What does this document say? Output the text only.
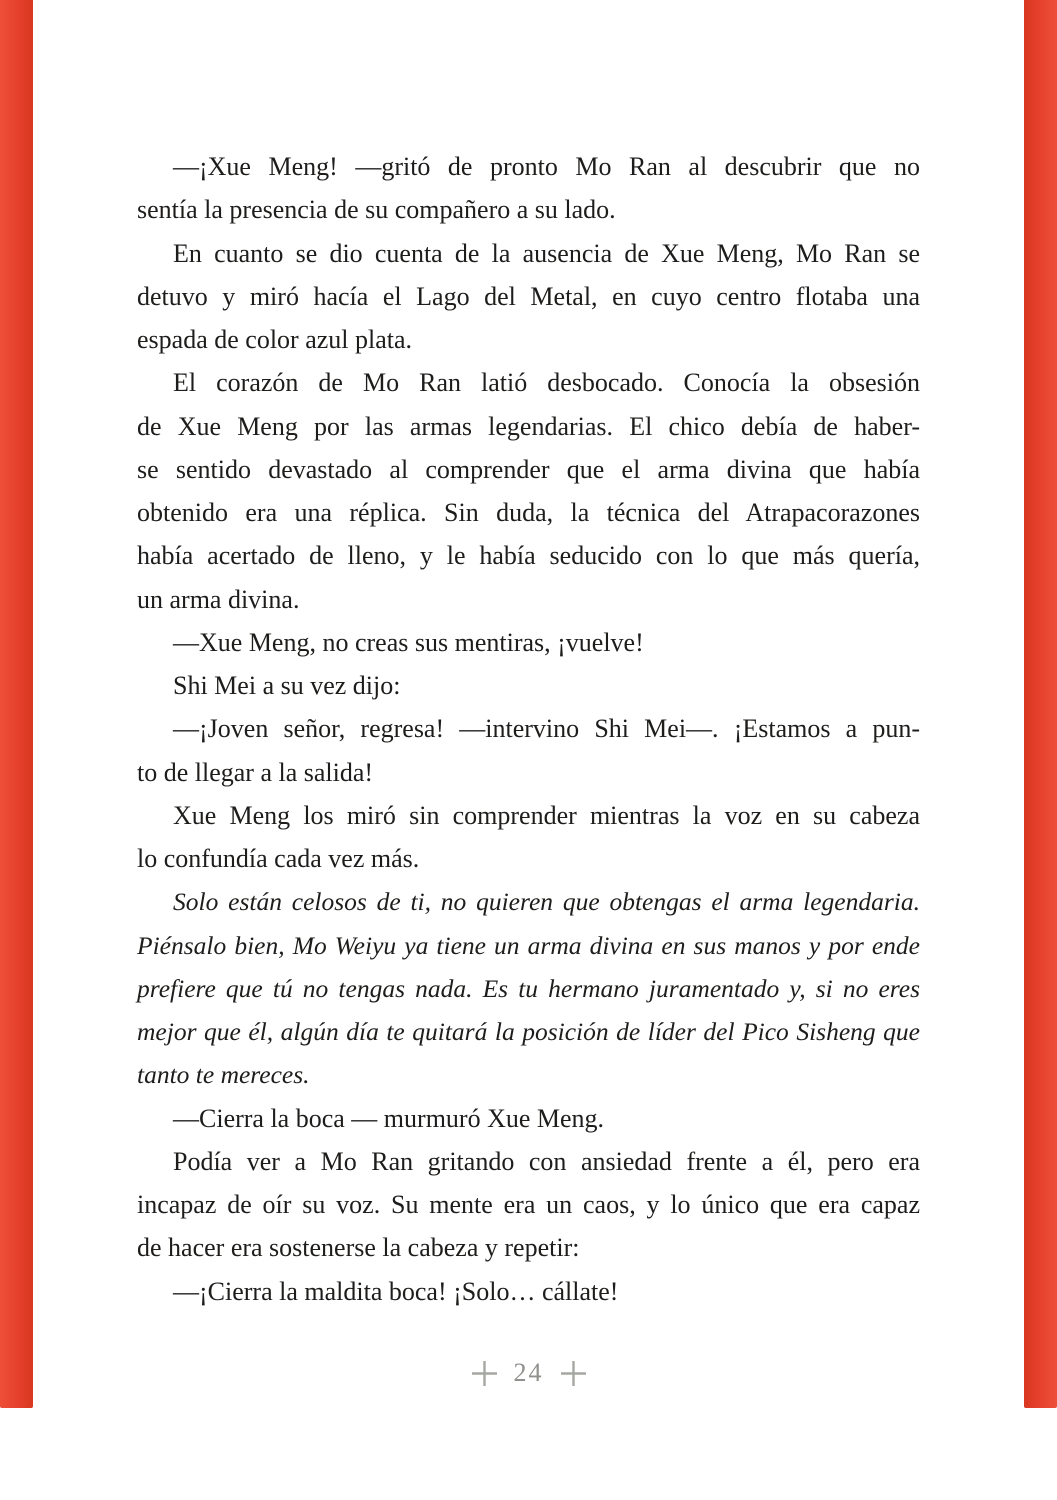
—¡Xue Meng! —gritó de pronto Mo Ran al descubrir que no
sentía la presencia de su compañero a su lado.
En cuanto se dio cuenta de la ausencia de Xue Meng, Mo Ran se
detuvo y miró hacía el Lago del Metal, en cuyo centro flotaba una
espada de color azul plata.
El corazón de Mo Ran latió desbocado. Conocía la obsesión
de Xue Meng por las armas legendarias. El chico debía de haber-
se sentido devastado al comprender que el arma divina que había
obtenido era una réplica. Sin duda, la técnica del Atrapacorazones
había acertado de lleno, y le había seducido con lo que más quería,
un arma divina.
—Xue Meng, no creas sus mentiras, ¡vuelve!
Shi Mei a su vez dijo:
—¡Joven señor, regresa! —intervino Shi Mei—. ¡Estamos a pun-
to de llegar a la salida!
Xue Meng los miró sin comprender mientras la voz en su cabeza
lo confundía cada vez más.
Solo están celosos de ti, no quieren que obtengas el arma legendaria.
Piénsalo bien, Mo Weiyu ya tiene un arma divina en sus manos y por ende
prefiere que tú no tengas nada. Es tu hermano juramentado y, si no eres
mejor que él, algún día te quitará la posición de líder del Pico Sisheng que
tanto te mereces.
—Cierra la boca — murmuró Xue Meng.
Podía ver a Mo Ran gritando con ansiedad frente a él, pero era
incapaz de oír su voz. Su mente era un caos, y lo único que era capaz
de hacer era sostenerse la cabeza y repetir:
—¡Cierra la maldita boca! ¡Solo… cállate!
24
